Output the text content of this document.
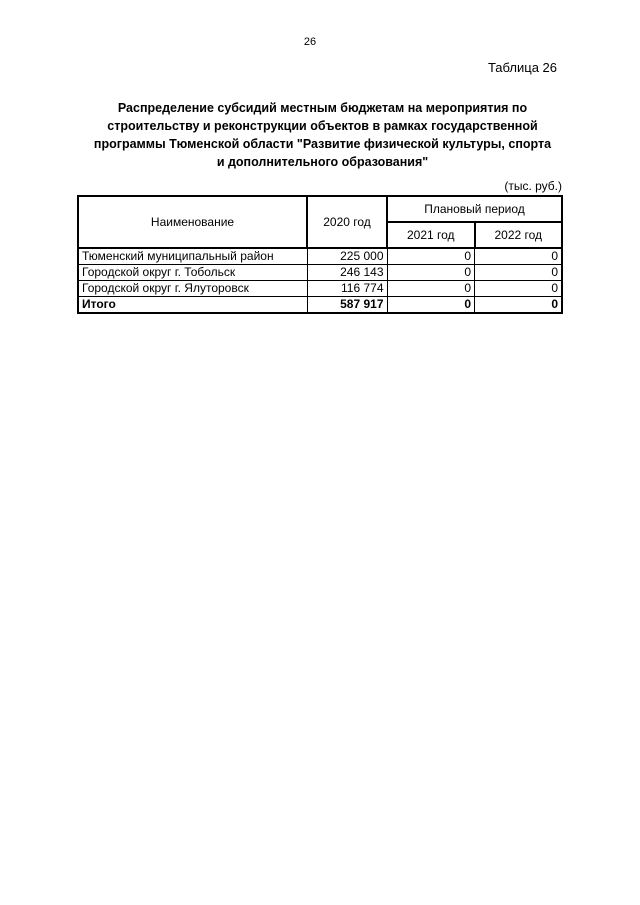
26
Таблица 26
Распределение субсидий местным бюджетам на мероприятия по
строительству и реконструкции объектов в рамках государственной
программы Тюменской области "Развитие физической культуры, спорта
и дополнительного образования"
(тыс. руб.)
Наименование	2020 год	Плановый период	
		2021 год	2022 год
Тюменский муниципальный район	225 000	0	0
Городской округ г. Тобольск	246 143	0	0
Городской округ г. Ялуторовск	116 774	0	0
Итого	587 917	0	0
